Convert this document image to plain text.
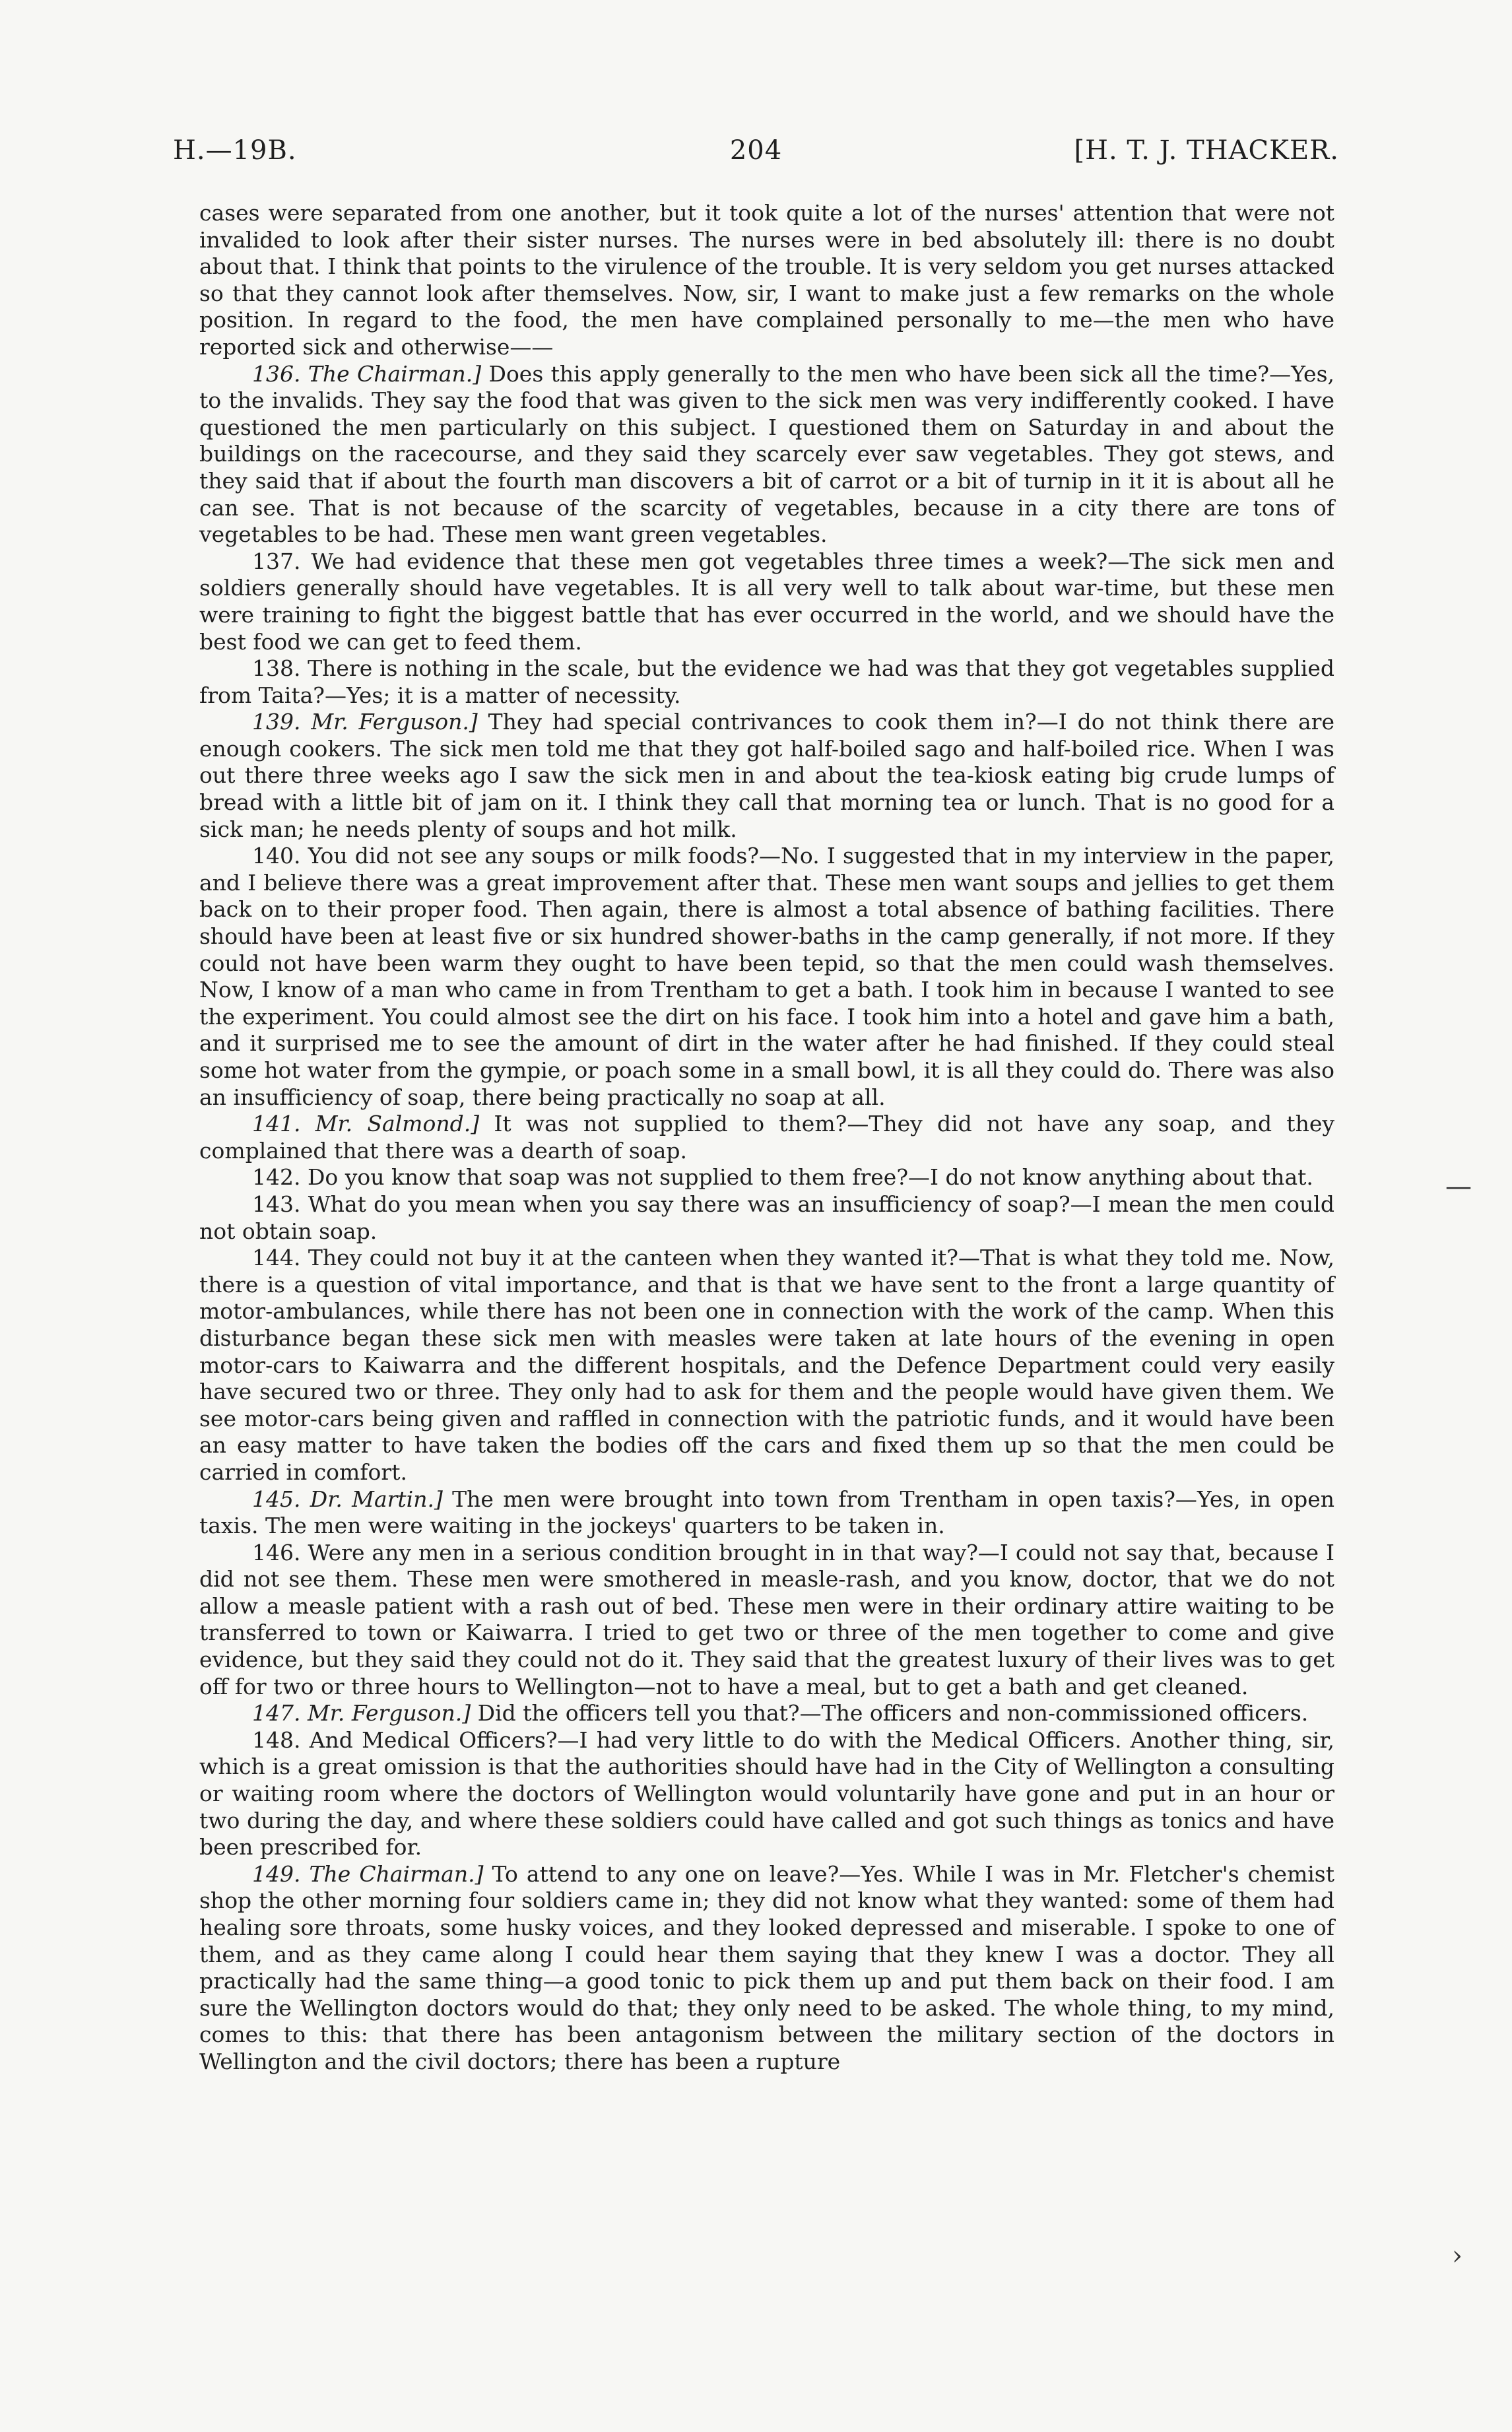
H.—19B.	204	[H. T. J. THACKER.

cases were separated from one another, but it took quite a lot of the nurses' attention that were not invalided to look after their sister nurses. The nurses were in bed absolutely ill: there is no doubt about that. I think that points to the virulence of the trouble. It is very seldom you get nurses attacked so that they cannot look after themselves. Now, sir, I want to make just a few remarks on the whole position. In regard to the food, the men have complained personally to me—the men who have reported sick and otherwise——

136. The Chairman.] Does this apply generally to the men who have been sick all the time?—Yes, to the invalids. They say the food that was given to the sick men was very indifferently cooked. I have questioned the men particularly on this subject. I questioned them on Saturday in and about the buildings on the racecourse, and they said they scarcely ever saw vegetables. They got stews, and they said that if about the fourth man discovers a bit of carrot or a bit of turnip in it it is about all he can see. That is not because of the scarcity of vegetables, because in a city there are tons of vegetables to be had. These men want green vegetables.

137. We had evidence that these men got vegetables three times a week?—The sick men and soldiers generally should have vegetables. It is all very well to talk about war-time, but these men were training to fight the biggest battle that has ever occurred in the world, and we should have the best food we can get to feed them.

138. There is nothing in the scale, but the evidence we had was that they got vegetables supplied from Taita?—Yes; it is a matter of necessity.

139. Mr. Ferguson.] They had special contrivances to cook them in?—I do not think there are enough cookers. The sick men told me that they got half-boiled sago and half-boiled rice. When I was out there three weeks ago I saw the sick men in and about the tea-kiosk eating big crude lumps of bread with a little bit of jam on it. I think they call that morning tea or lunch. That is no good for a sick man; he needs plenty of soups and hot milk.

140. You did not see any soups or milk foods?—No. I suggested that in my interview in the paper, and I believe there was a great improvement after that. These men want soups and jellies to get them back on to their proper food. Then again, there is almost a total absence of bathing facilities. There should have been at least five or six hundred shower-baths in the camp generally, if not more. If they could not have been warm they ought to have been tepid, so that the men could wash themselves. Now, I know of a man who came in from Trentham to get a bath. I took him in because I wanted to see the experiment. You could almost see the dirt on his face. I took him into a hotel and gave him a bath, and it surprised me to see the amount of dirt in the water after he had finished. If they could steal some hot water from the gympie, or poach some in a small bowl, it is all they could do. There was also an insufficiency of soap, there being practically no soap at all.

141. Mr. Salmond.] It was not supplied to them?—They did not have any soap, and they complained that there was a dearth of soap.

142. Do you know that soap was not supplied to them free?—I do not know anything about that.

143. What do you mean when you say there was an insufficiency of soap?—I mean the men could not obtain soap.

144. They could not buy it at the canteen when they wanted it?—That is what they told me. Now, there is a question of vital importance, and that is that we have sent to the front a large quantity of motor-ambulances, while there has not been one in connection with the work of the camp. When this disturbance began these sick men with measles were taken at late hours of the evening in open motor-cars to Kaiwarra and the different hospitals, and the Defence Department could very easily have secured two or three. They only had to ask for them and the people would have given them. We see motor-cars being given and raffled in connection with the patriotic funds, and it would have been an easy matter to have taken the bodies off the cars and fixed them up so that the men could be carried in comfort.

145. Dr. Martin.] The men were brought into town from Trentham in open taxis?—Yes, in open taxis. The men were waiting in the jockeys' quarters to be taken in.

146. Were any men in a serious condition brought in in that way?—I could not say that, because I did not see them. These men were smothered in measle-rash, and you know, doctor, that we do not allow a measle patient with a rash out of bed. These men were in their ordinary attire waiting to be transferred to town or Kaiwarra. I tried to get two or three of the men together to come and give evidence, but they said they could not do it. They said that the greatest luxury of their lives was to get off for two or three hours to Wellington—not to have a meal, but to get a bath and get cleaned.

147. Mr. Ferguson.] Did the officers tell you that?—The officers and non-commissioned officers.

148. And Medical Officers?—I had very little to do with the Medical Officers. Another thing, sir, which is a great omission is that the authorities should have had in the City of Wellington a consulting or waiting room where the doctors of Wellington would voluntarily have gone and put in an hour or two during the day, and where these soldiers could have called and got such things as tonics and have been prescribed for.

149. The Chairman.] To attend to any one on leave?—Yes. While I was in Mr. Fletcher's chemist shop the other morning four soldiers came in; they did not know what they wanted: some of them had healing sore throats, some husky voices, and they looked depressed and miserable. I spoke to one of them, and as they came along I could hear them saying that they knew I was a doctor. They all practically had the same thing—a good tonic to pick them up and put them back on their food. I am sure the Wellington doctors would do that; they only need to be asked. The whole thing, to my mind, comes to this: that there has been antagonism between the military section of the doctors in Wellington and the civil doctors; there has been a rupture

—
›
